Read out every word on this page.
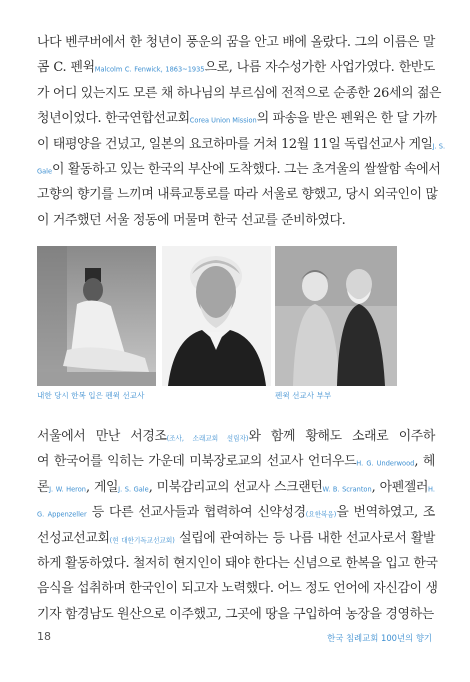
나다 벤쿠버에서 한 청년이 풍운의 꿈을 안고 배에 올랐다. 그의 이름은 말
콤 C. 펜윅Malcolm C. Fenwick, 1863~1935으로, 나름 자수성가한 사업가였다. 한반도
가 어디 있는지도 모른 채 하나님의 부르심에 전적으로 순종한 26세의 젊은
청년이었다. 한국연합선교회Corea Union Mission의 파송을 받은 펜윅은 한 달 가까
이 태평양을 건넜고, 일본의 요코하마를 거쳐 12월 11일 독립선교사 게일J. S.
Gale이 활동하고 있는 한국의 부산에 도착했다. 그는 초겨울의 쌀쌀함 속에서
고향의 향기를 느끼며 내륙교통로를 따라 서울로 향했고, 당시 외국인이 많
이 거주했던 서울 정동에 머물며 한국 선교를 준비하였다.
내한 당시 한복 입은 펜윅 선교사	펜윅 선교사 부부
서울에서 만난 서경조(조사, 소래교회 설립자)와 함께 황해도 소래로 이주하
여 한국어를 익히는 가운데 미북장로교의 선교사 언더우드H. G. Underwood, 헤
론J. W. Heron, 게일J. S. Gale, 미북감리교의 선교사 스크랜턴W. B. Scranton, 아펜젤러H.
G. Appenzeller 등 다른 선교사들과 협력하여 신약성경(요한복음)을 번역하였고, 조
선성교선교회(현 대한기독교선교회) 설립에 관여하는 등 나름 내한 선교사로서 활발
하게 활동하였다. 철저히 현지인이 돼야 한다는 신념으로 한복을 입고 한국
음식을 섭취하며 한국인이 되고자 노력했다. 어느 정도 언어에 자신감이 생
기자 함경남도 원산으로 이주했고, 그곳에 땅을 구입하여 농장을 경영하는
18	한국 침례교회 100년의 향기
